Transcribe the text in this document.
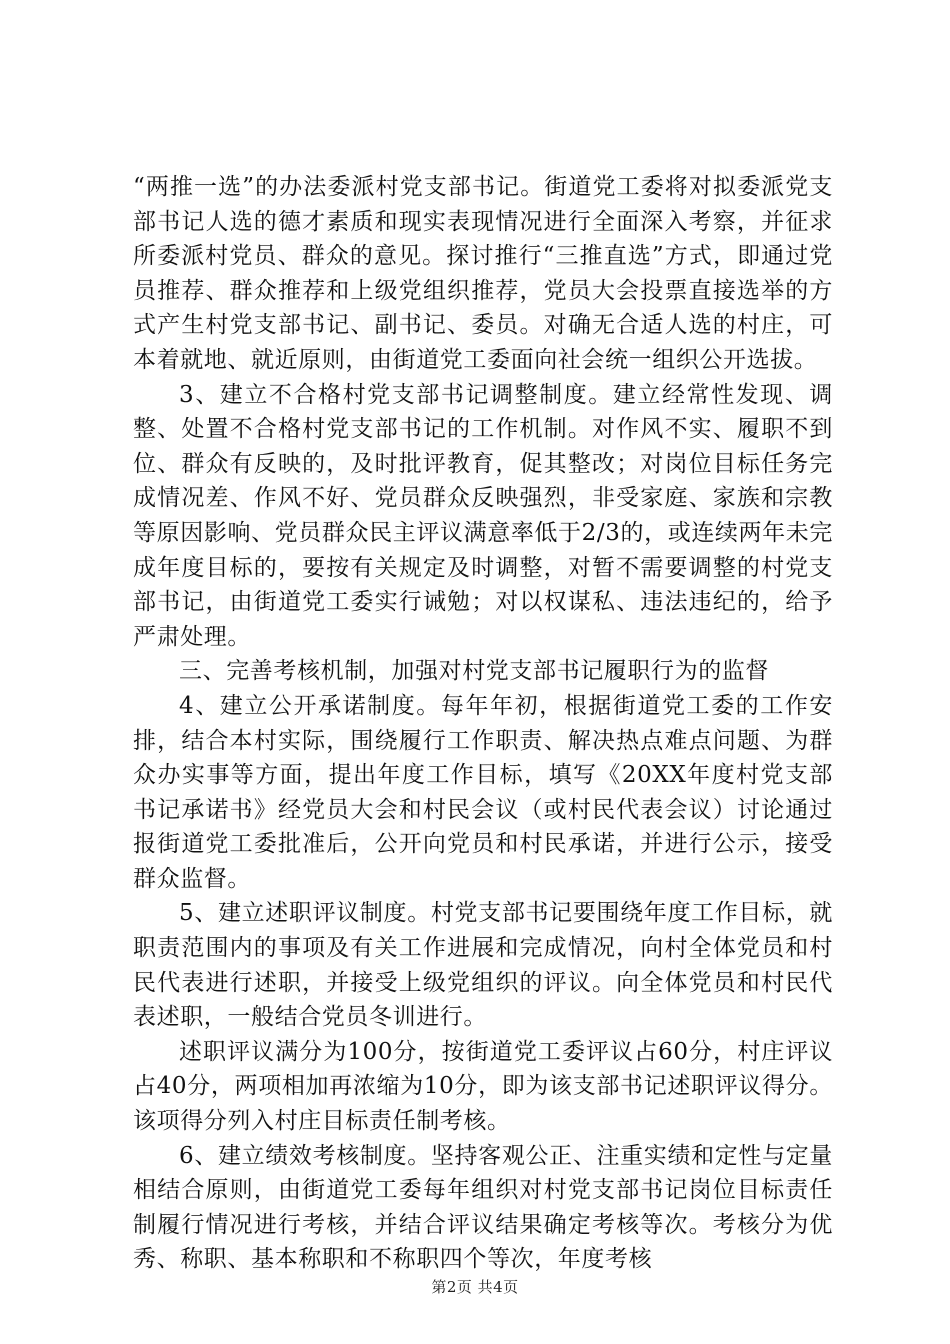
“两推一选”的办法委派村党支部书记。街道党工委将对拟委派党支部书记人选的德才素质和现实表现情况进行全面深入考察，并征求所委派村党员、群众的意见。探讨推行“三推直选”方式，即通过党员推荐、群众推荐和上级党组织推荐，党员大会投票直接选举的方式产生村党支部书记、副书记、委员。对确无合适人选的村庄，可本着就地、就近原则，由街道党工委面向社会统一组织公开选拔。

3、建立不合格村党支部书记调整制度。建立经常性发现、调整、处置不合格村党支部书记的工作机制。对作风不实、履职不到位、群众有反映的，及时批评教育，促其整改；对岗位目标任务完成情况差、作风不好、党员群众反映强烈，非受家庭、家族和宗教等原因影响、党员群众民主评议满意率低于2/3的，或连续两年未完成年度目标的，要按有关规定及时调整，对暂不需要调整的村党支部书记，由街道党工委实行诫勉；对以权谋私、违法违纪的，给予严肃处理。

三、完善考核机制，加强对村党支部书记履职行为的监督

4、建立公开承诺制度。每年年初，根据街道党工委的工作安排，结合本村实际，围绕履行工作职责、解决热点难点问题、为群众办实事等方面，提出年度工作目标，填写《20XX年度村党支部书记承诺书》经党员大会和村民会议（或村民代表会议）讨论通过报街道党工委批准后，公开向党员和村民承诺，并进行公示，接受群众监督。

5、建立述职评议制度。村党支部书记要围绕年度工作目标，就职责范围内的事项及有关工作进展和完成情况，向村全体党员和村民代表进行述职，并接受上级党组织的评议。向全体党员和村民代表述职，一般结合党员冬训进行。

述职评议满分为100分，按街道党工委评议占60分，村庄评议占40分，两项相加再浓缩为10分，即为该支部书记述职评议得分。该项得分列入村庄目标责任制考核。

6、建立绩效考核制度。坚持客观公正、注重实绩和定性与定量相结合原则，由街道党工委每年组织对村党支部书记岗位目标责任制履行情况进行考核，并结合评议结果确定考核等次。考核分为优秀、称职、基本称职和不称职四个等次，年度考核

第2页 共4页
